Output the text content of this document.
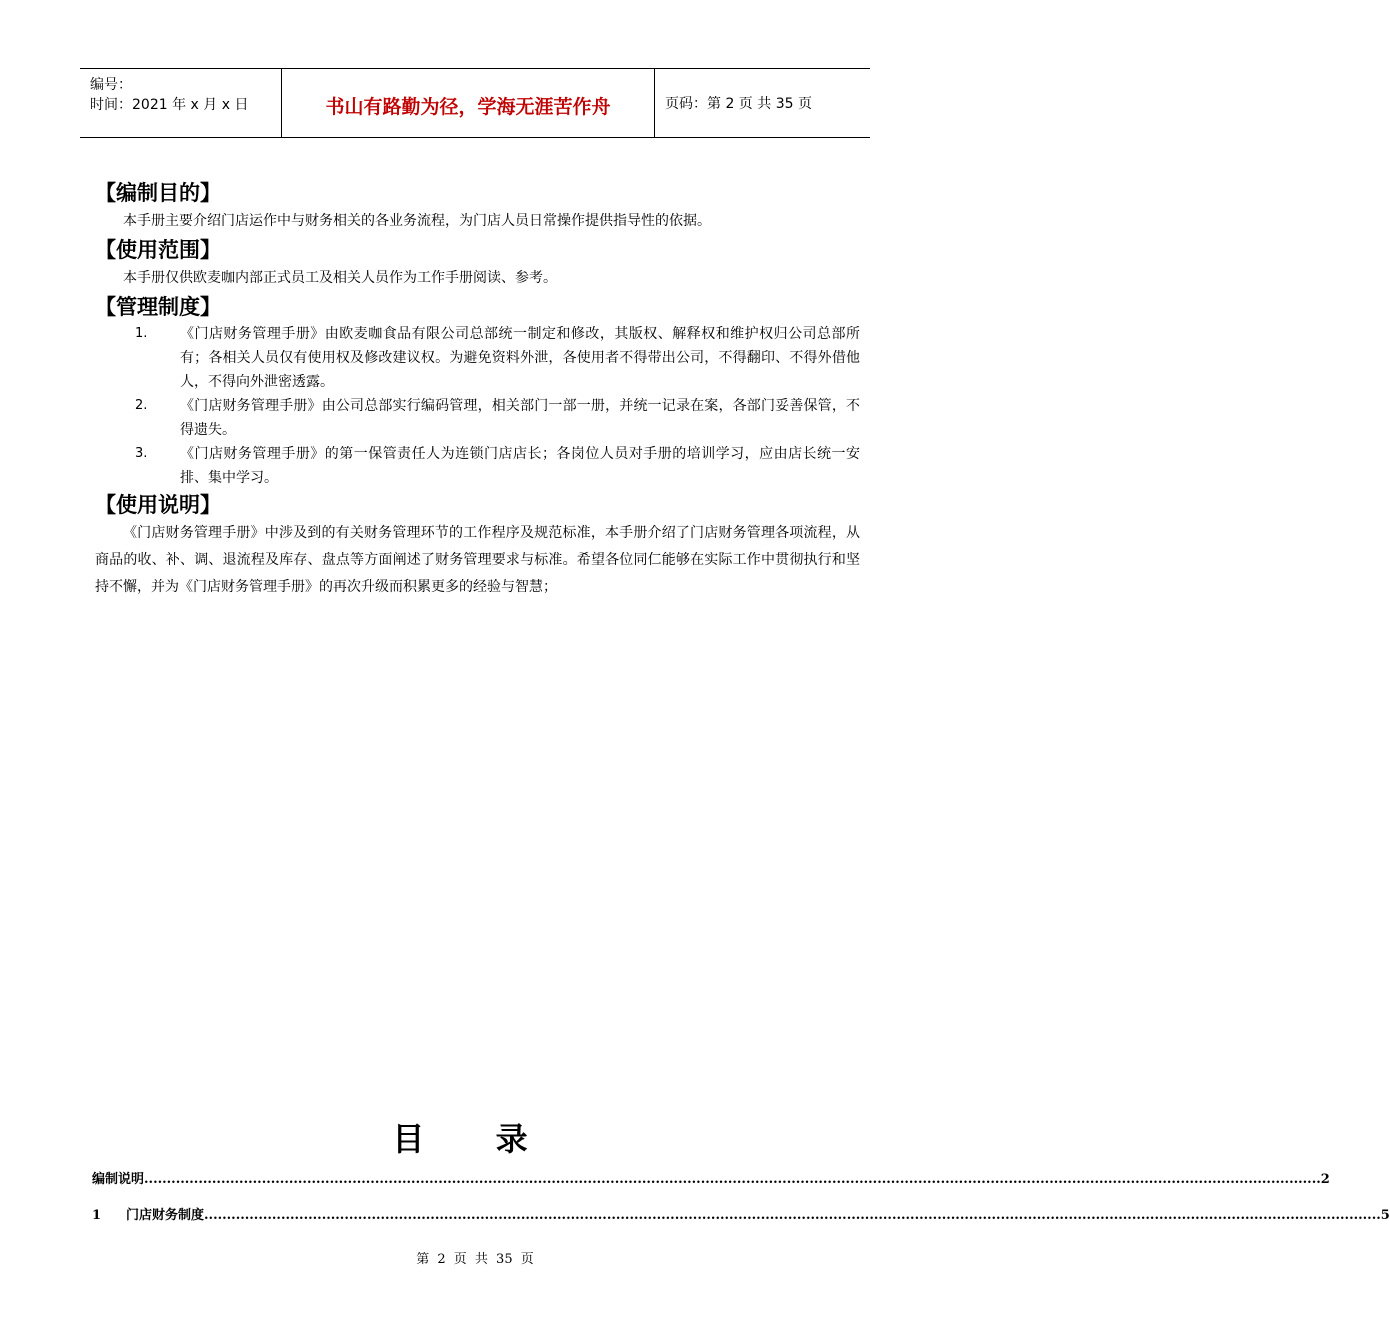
编号：
时间：2021 年 x 月 x 日	书山有路勤为径，学海无涯苦作舟	页码：第 2 页 共 35 页
【编制目的】

本手册主要介绍门店运作中与财务相关的各业务流程，为门店人员日常操作提供指导性的依据。

【使用范围】

本手册仅供欧麦咖内部正式员工及相关人员作为工作手册阅读、参考。

【管理制度】
1.	《门店财务管理手册》由欧麦咖食品有限公司总部统一制定和修改，其版权、解释权和维护权归公司总部所有；各相关人员仅有使用权及修改建议权。为避免资料外泄，各使用者不得带出公司，不得翻印、不得外借他人，不得向外泄密透露。
2.	《门店财务管理手册》由公司总部实行编码管理，相关部门一部一册，并统一记录在案，各部门妥善保管，不得遗失。
3.	《门店财务管理手册》的第一保管责任人为连锁门店店长；各岗位人员对手册的培训学习，应由店长统一安排、集中学习。
【使用说明】

《门店财务管理手册》中涉及到的有关财务管理环节的工作程序及规范标准，本手册介绍了门店财务管理各项流程，从商品的收、补、调、退流程及库存、盘点等方面阐述了财务管理要求与标准。希望各位同仁能够在实际工作中贯彻执行和坚持不懈，并为《门店财务管理手册》的再次升级而积累更多的经验与智慧；

目 录
编制说明 .................................................................................................................................................................................................................................................................... 2
1 门店财务制度 .................................................................................................................................................................................................................................................................... 5
第 2 页 共 35 页
